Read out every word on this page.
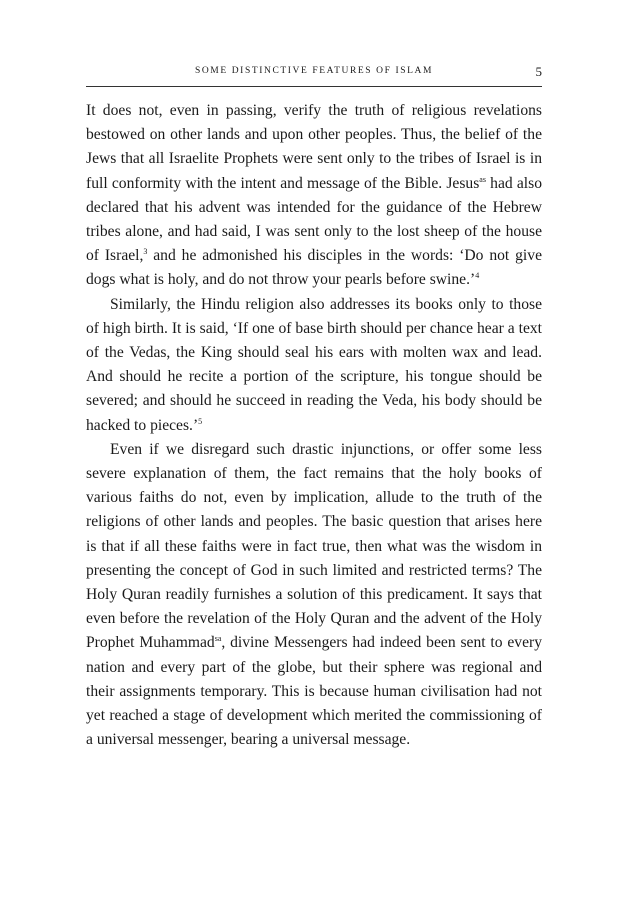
SOME DISTINCTIVE FEATURES OF ISLAM	5

It does not, even in passing, verify the truth of religious revelations bestowed on other lands and upon other peoples. Thus, the belief of the Jews that all Israelite Prophets were sent only to the tribes of Israel is in full conformity with the intent and message of the Bible. Jesus$^{as}$ had also declared that his advent was intended for the guidance of the Hebrew tribes alone, and had said, I was sent only to the lost sheep of the house of Israel,$^3$ and he admonished his disciples in the words: ‘Do not give dogs what is holy, and do not throw your pearls before swine.’$^4$

Similarly, the Hindu religion also addresses its books only to those of high birth. It is said, ‘If one of base birth should per chance hear a text of the Vedas, the King should seal his ears with molten wax and lead. And should he recite a portion of the scripture, his tongue should be severed; and should he succeed in reading the Veda, his body should be hacked to pieces.’$^5$

Even if we disregard such drastic injunctions, or offer some less severe explanation of them, the fact remains that the holy books of various faiths do not, even by implication, allude to the truth of the religions of other lands and peoples. The basic question that arises here is that if all these faiths were in fact true, then what was the wisdom in presenting the concept of God in such limited and restricted terms? The Holy Quran readily furnishes a solution of this predicament. It says that even before the revelation of the Holy Quran and the advent of the Holy Prophet Muhammad$^{sa}$, divine Messengers had indeed been sent to every nation and every part of the globe, but their sphere was regional and their assignments temporary. This is because human civilisation had not yet reached a stage of development which merited the commissioning of a universal messenger, bearing a universal message.
